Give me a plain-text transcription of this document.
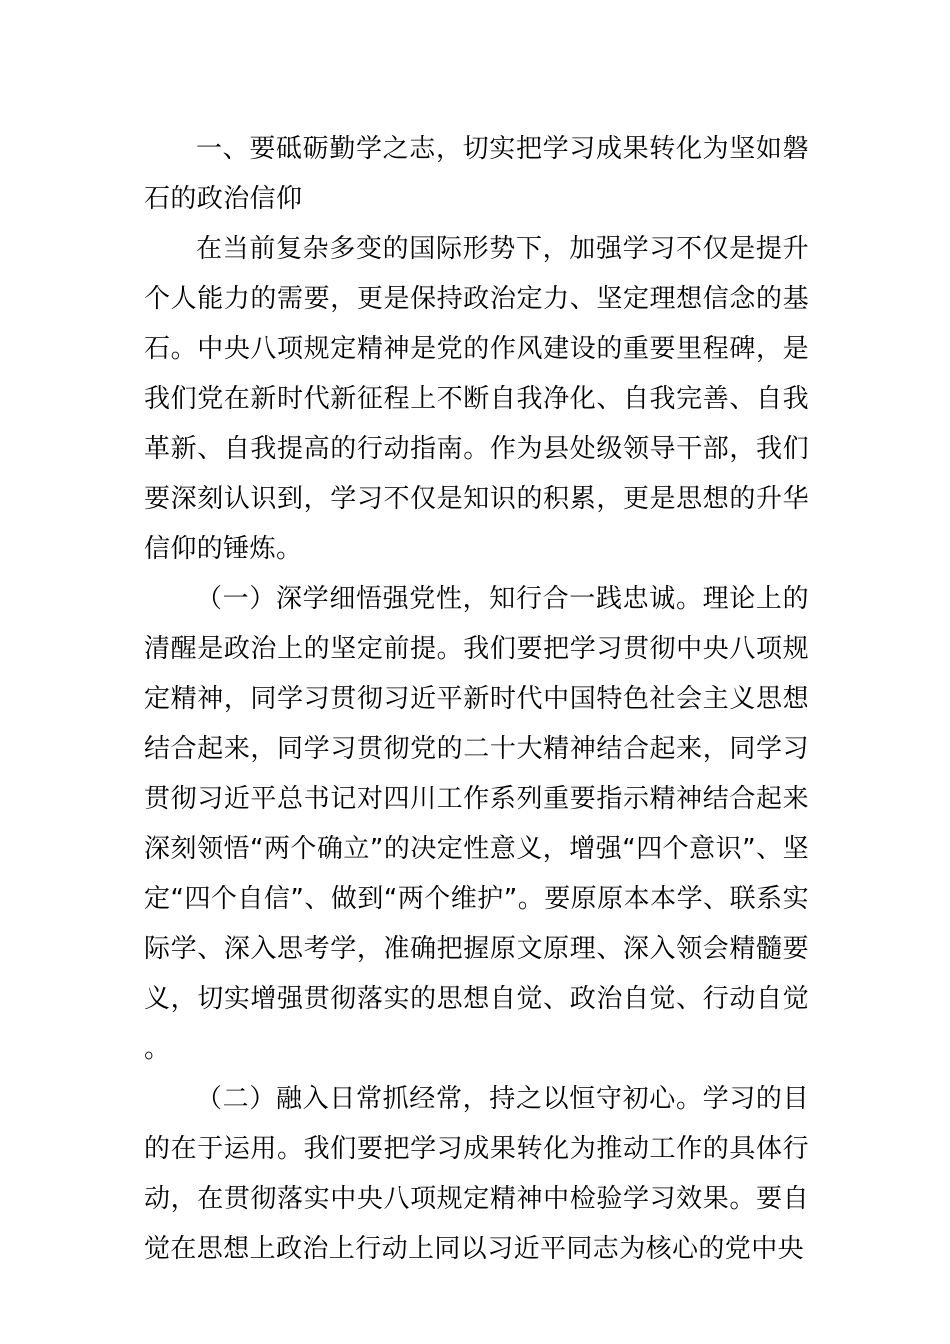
一、要砥砺勤学之志，切实把学习成果转化为坚如磐石的政治信仰

在当前复杂多变的国际形势下，加强学习不仅是提升个人能力的需要，更是保持政治定力、坚定理想信念的基石。中央八项规定精神是党的作风建设的重要里程碑，是我们党在新时代新征程上不断自我净化、自我完善、自我革新、自我提高的行动指南。作为县处级领导干部，我们要深刻认识到，学习不仅是知识的积累，更是思想的升华信仰的锤炼。

（一）深学细悟强党性，知行合一践忠诚。理论上的清醒是政治上的坚定前提。我们要把学习贯彻中央八项规定精神，同学习贯彻习近平新时代中国特色社会主义思想结合起来，同学习贯彻党的二十大精神结合起来，同学习贯彻习近平总书记对四川工作系列重要指示精神结合起来深刻领悟“两个确立”的决定性意义，增强“四个意识”、坚定“四个自信”、做到“两个维护”。要原原本本学、联系实际学、深入思考学，准确把握原文原理、深入领会精髓要义，切实增强贯彻落实的思想自觉、政治自觉、行动自觉。

（二）融入日常抓经常，持之以恒守初心。学习的目的在于运用。我们要把学习成果转化为推动工作的具体行动，在贯彻落实中央八项规定精神中检验学习效果。要自觉在思想上政治上行动上同以习近平同志为核心的党中央
